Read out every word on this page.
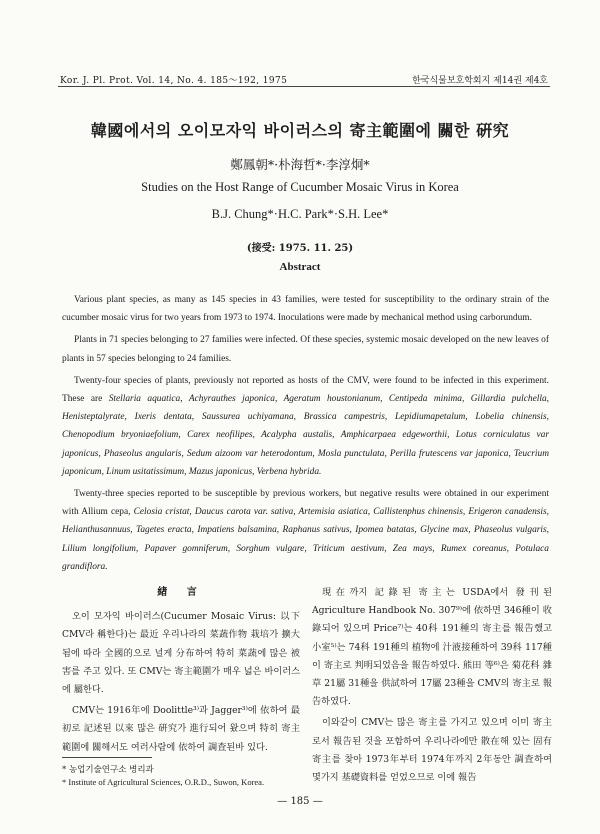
Kor. J. Pl. Prot. Vol. 14, No. 4. 185～192, 1975	한국식물보호학회지 제14권 제4호
韓國에서의 오이모자익 바이러스의 寄主範圍에 關한 硏究
鄭鳳朝*·朴海哲*·李淳炯*
Studies on the Host Range of Cucumber Mosaic Virus in Korea
B.J. Chung*·H.C. Park*·S.H. Lee*
(接受: 1975. 11. 25)
Abstract

Various plant species, as many as 145 species in 43 families, were tested for susceptibility to the ordinary strain of the cucumber mosaic virus for two years from 1973 to 1974. Inoculations were made by mechanical method using carborundum.

Plants in 71 species belonging to 27 families were infected. Of these species, systemic mosaic developed on the new leaves of plants in 57 species belonging to 24 families.

Twenty-four species of plants, previously not reported as hosts of the CMV, were found to be infected in this experiment. These are Stellaria aquatica, Achyrauthes japonica, Ageratum houstonianum, Centipeda minima, Gillardia pulchella, Henisteptalyrate, Ixeris dentata, Saussurea uchiyamana, Brassica campestris, Lepidiumapetalum, Lobelia chinensis, Chenopodium bryoniaefolium, Carex neofilipes, Acalypha austalis, Amphicarpaea edgeworthii, Lotus corniculatus var japonicus, Phaseolus angularis, Sedum aizoom var heterodontum, Mosla punctulata, Perilla frutescens var japonica, Teucrium japonicum, Linum usitatissimum, Mazus japonicus, Verbena hybrida.

Twenty-three species reported to be susceptible by previous workers, but negative results were obtained in our experiment with Allium cepa, Celosia cristat, Daucus carota var. sativa, Artemisia asiatica, Callistenphus chinensis, Erigeron canadensis, Helianthusannuus, Tagetes eracta, Impatiens balsamina, Raphanus sativus, Ipomea batatas, Glycine max, Phaseolus vulgaris, Lilium longifolium, Papaver gomniferum, Sorghum vulgare, Triticum aestivum, Zea mays, Rumex coreanus, Potulaca grandiflora.

緖 言

오이 모자익 바이러스(Cucumer Mosaic Virus: 以下 CMV라 稱한다)는 最近 우리나라의 菜蔬作物 栽培가 擴大됨에 따라 全國的으로 널게 分布하여 特히 菜蔬에 많은 被害를 주고 있다. 또 CMV는 寄主範圍가 매우 넓은 바이러스에 屬한다.

CMV는 1916年에 Doolittle³⁾과 Jagger³⁾에 依하여 最初로 記述된 以來 많은 硏究가 進行되어 왔으며 特히 寄主範圍에 關해서도 여러사람에 依하여 調査된바 있다.

現在까지 記錄된 寄主는 USDA에서 發刊된 Agriculture Handbook No. 307⁹⁾에 依하면 346種이 收錄되어 있으며 Price⁷⁾는 40科 191種의 寄主를 報告했고 小室⁵⁾는 74科 191種의 植物에 汁液接種하여 39科 117種이 寄主로 判明되었음을 報告하였다. 熊田 等⁶⁾은 菊花科 雜草 21屬 31種을 供試하여 17屬 23種을 CMV의 寄主로 報告하였다.

이와같이 CMV는 많은 寄主를 가지고 있으며 이미 寄主로서 報告된 것을 포함하여 우리나라에만 散在해 있는 固有寄主를 찾아 1973年부터 1974年까지 2年동안 調査하여 몇가지 基礎資料를 얻었으므로 이에 報告

* 농업기술연구소 병리과
* Institute of Agricultural Sciences, O.R.D., Suwon, Korea.
— 185 —
